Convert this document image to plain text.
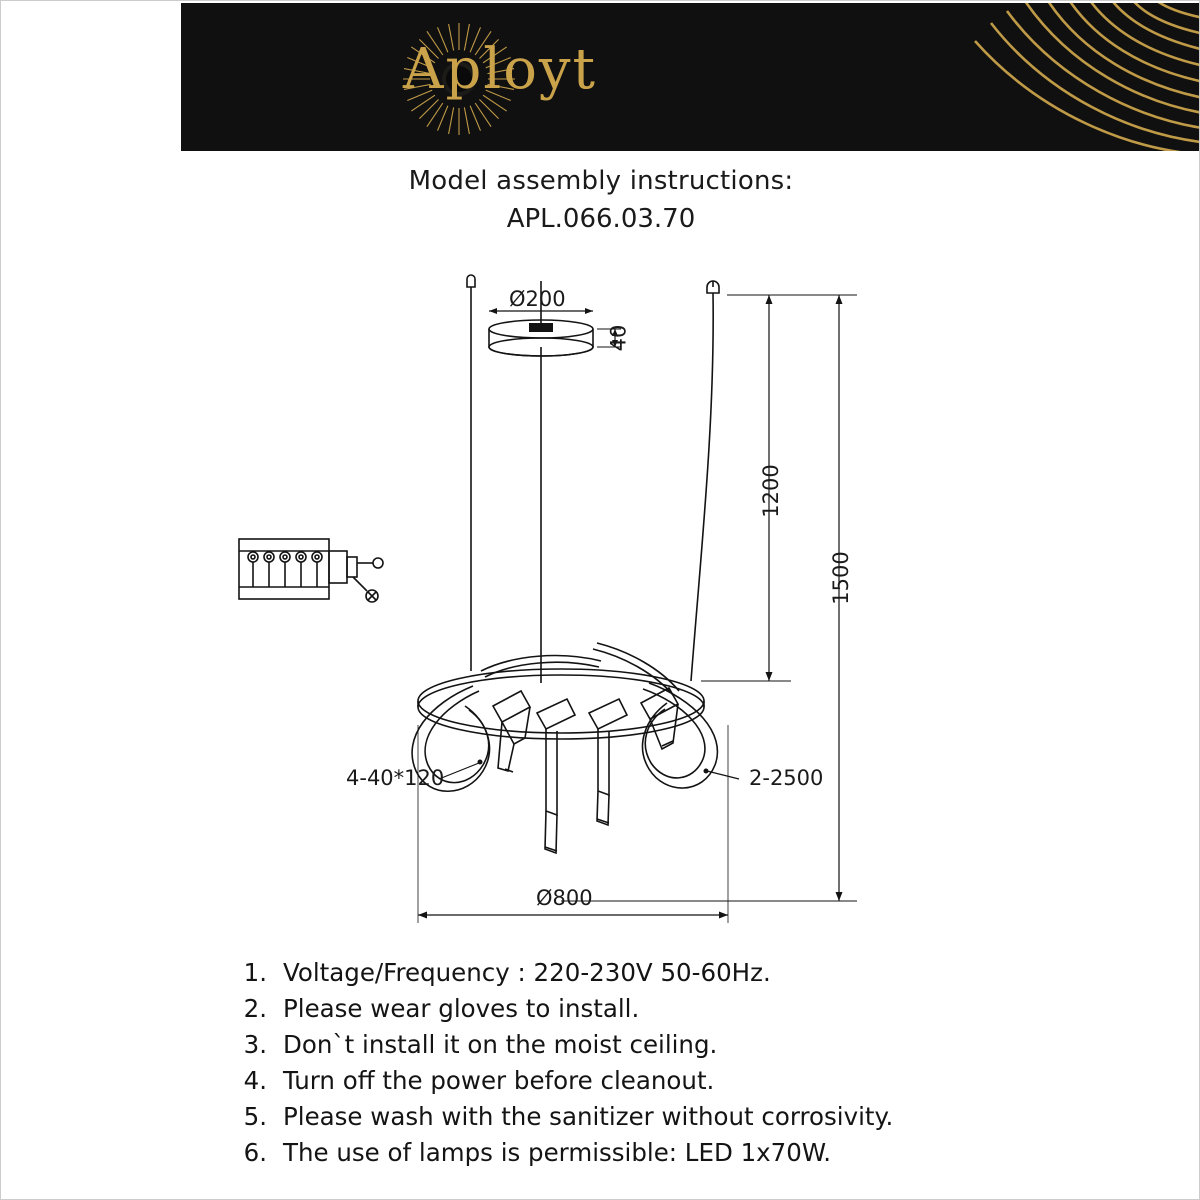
Aployt
Model assembly instructions:
APL.066.03.70
Ø200
40
1200
1500
4-40*120	2-2500
Ø800
1. Voltage/Frequency : 220-230V 50-60Hz.
2. Please wear gloves to install.
3. Don`t install it on the moist ceiling.
4. Turn off the power before cleanout.
5. Please wash with the sanitizer without corrosivity.
6. The use of lamps is permissible: LED 1x70W.
